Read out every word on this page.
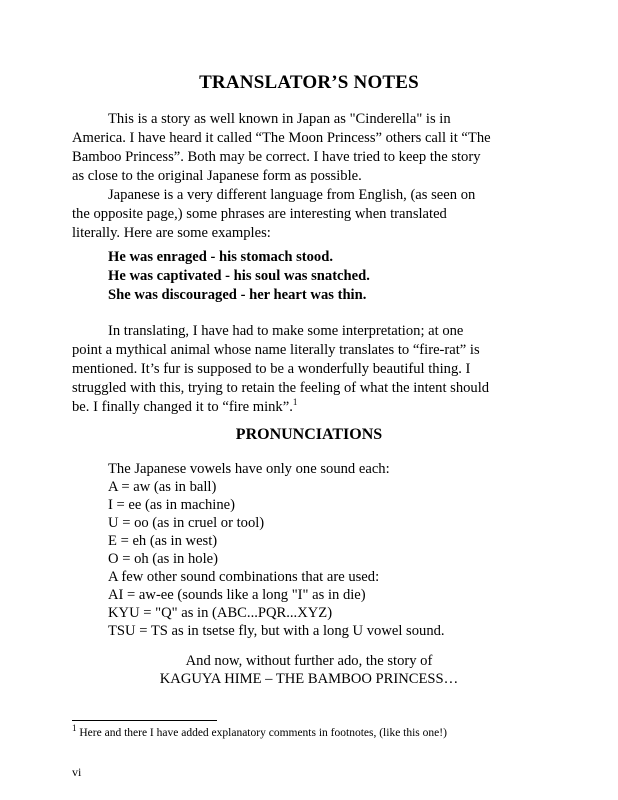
TRANSLATOR’S NOTES
This is a story as well known in Japan as "Cinderella" is in
America. I have heard it called “The Moon Princess” others call it “The
Bamboo Princess”. Both may be correct. I have tried to keep the story
as close to the original Japanese form as possible.
Japanese is a very different language from English, (as seen on
the opposite page,) some phrases are interesting when translated
literally. Here are some examples:
He was enraged - his stomach stood.
He was captivated - his soul was snatched.
She was discouraged - her heart was thin.
In translating, I have had to make some interpretation; at one
point a mythical animal whose name literally translates to “fire-rat” is
mentioned. It’s fur is supposed to be a wonderfully beautiful thing. I
struggled with this, trying to retain the feeling of what the intent should
be. I finally changed it to “fire mink”.$^1$
PRONUNCIATIONS
The Japanese vowels have only one sound each:
A = aw (as in ball)
I = ee (as in machine)
U = oo (as in cruel or tool)
E = eh (as in west)
O = oh (as in hole)
A few other sound combinations that are used:
AI = aw-ee (sounds like a long "I" as in die)
KYU = "Q" as in (ABC...PQR...XYZ)
TSU = TS as in tsetse fly, but with a long U vowel sound.
And now, without further ado, the story of
KAGUYA HIME – THE BAMBOO PRINCESS…
$^1$ Here and there I have added explanatory comments in footnotes, (like this one!)
vi
